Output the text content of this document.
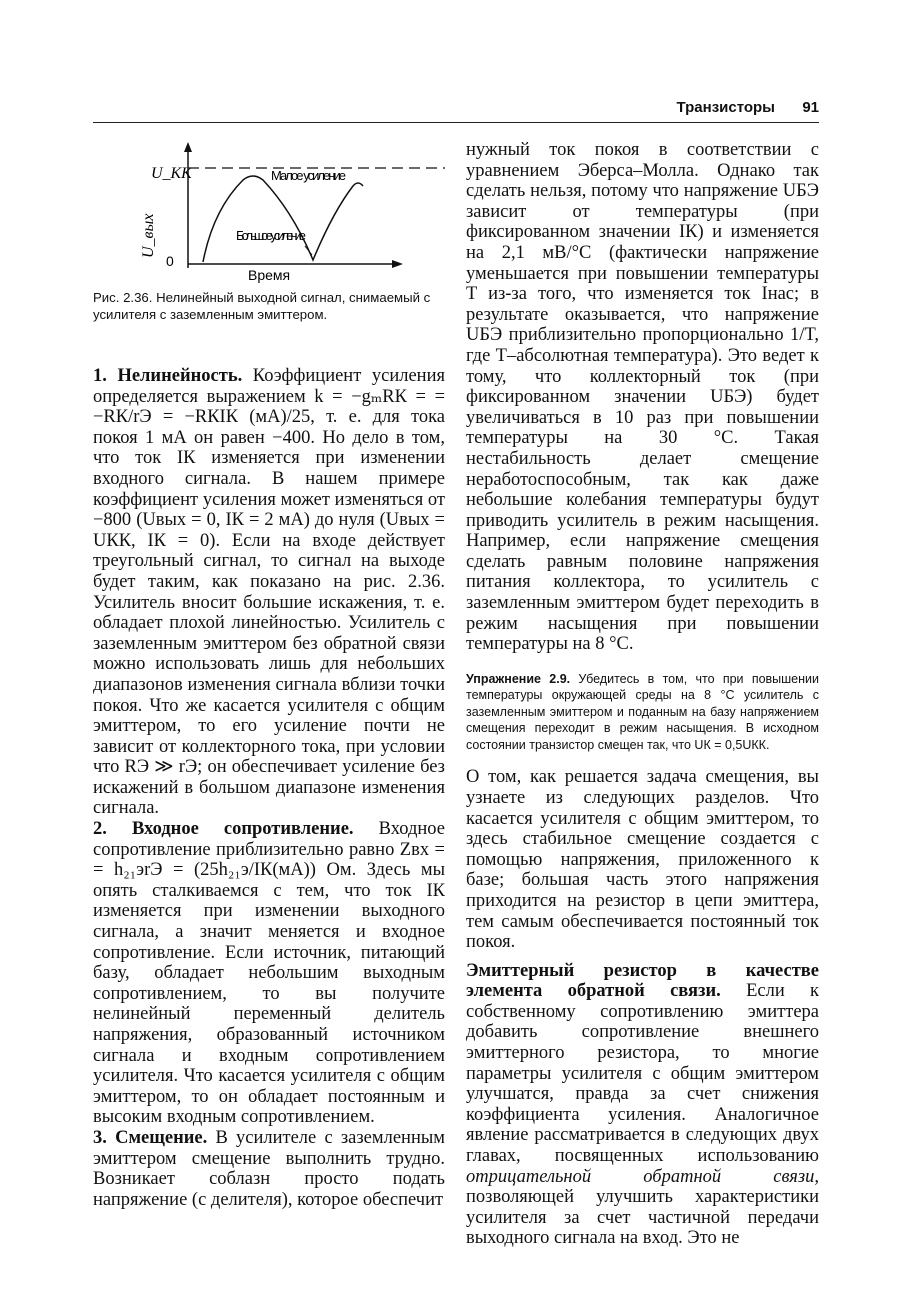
Транзисторы 91
U_КК
0
U_вых
Время
Малое усиление
Большое усиление
Рис. 2.36. Нелинейный выходной сигнал, снимаемый с усилителя с заземленным эмиттером.

1. Нелинейность. Коэффициент усиления определяется выражением k = −gₘRК = = −RК/rЭ = −RКIК (мА)/25, т. е. для тока покоя 1 мА он равен −400. Но дело в том, что ток IК изменяется при изменении входного сигнала. В нашем примере коэффициент усиления может изменяться от −800 (Uвых = 0, IК = 2 мА) до нуля (Uвых = UКК, IК = 0). Если на входе действует треугольный сигнал, то сигнал на выходе будет таким, как показано на рис. 2.36. Усилитель вносит большие искажения, т. е. обладает плохой линейностью. Усилитель с заземленным эмиттером без обратной связи можно использовать лишь для небольших диапазонов изменения сигнала вблизи точки покоя. Что же касается усилителя с общим эмиттером, то его усиление почти не зависит от коллекторного тока, при условии что RЭ ≫ rЭ; он обеспечивает усиление без искажений в большом диапазоне изменения сигнала.

2. Входное сопротивление. Входное сопротивление приблизительно равно Zвх = = h₂₁эrЭ = (25h₂₁э/IК(мА)) Ом. Здесь мы опять сталкиваемся с тем, что ток IК изменяется при изменении выходного сигнала, а значит меняется и входное сопротивление. Если источник, питающий базу, обладает небольшим выходным сопротивлением, то вы получите нелинейный переменный делитель напряжения, образованный источником сигнала и входным сопротивлением усилителя. Что касается усилителя с общим эмиттером, то он обладает постоянным и высоким входным сопротивлением.

3. Смещение. В усилителе с заземленным эмиттером смещение выполнить трудно. Возникает соблазн просто подать напряжение (с делителя), которое обеспечит

нужный ток покоя в соответствии с уравнением Эберса–Молла. Однако так сделать нельзя, потому что напряжение UБЭ зависит от температуры (при фиксированном значении IК) и изменяется на 2,1 мВ/°С (фактически напряжение уменьшается при повышении температуры T из-за того, что изменяется ток Iнас; в результате оказывается, что напряжение UБЭ приблизительно пропорционально 1/T, где T–абсолютная температура). Это ведет к тому, что коллекторный ток (при фиксированном значении UБЭ) будет увеличиваться в 10 раз при повышении температуры на 30 °С. Такая нестабильность делает смещение неработоспособным, так как даже небольшие колебания температуры будут приводить усилитель в режим насыщения. Например, если напряжение смещения сделать равным половине напряжения питания коллектора, то усилитель с заземленным эмиттером будет переходить в режим насыщения при повышении температуры на 8 °С.

Упражнение 2.9. Убедитесь в том, что при повышении температуры окружающей среды на 8 °С усилитель с заземленным эмиттером и поданным на базу напряжением смещения переходит в режим насыщения. В исходном состоянии транзистор смещен так, что UК = 0,5UКК.

О том, как решается задача смещения, вы узнаете из следующих разделов. Что касается усилителя с общим эмиттером, то здесь стабильное смещение создается с помощью напряжения, приложенного к базе; большая часть этого напряжения приходится на резистор в цепи эмиттера, тем самым обеспечивается постоянный ток покоя.

Эмиттерный резистор в качестве элемента обратной связи. Если к собственному сопротивлению эмиттера добавить сопротивление внешнего эмиттерного резистора, то многие параметры усилителя с общим эмиттером улучшатся, правда за счет снижения коэффициента усиления. Аналогичное явление рассматривается в следующих двух главах, посвященных использованию отрицательной обратной связи, позволяющей улучшить характеристики усилителя за счет частичной передачи выходного сигнала на вход. Это не
